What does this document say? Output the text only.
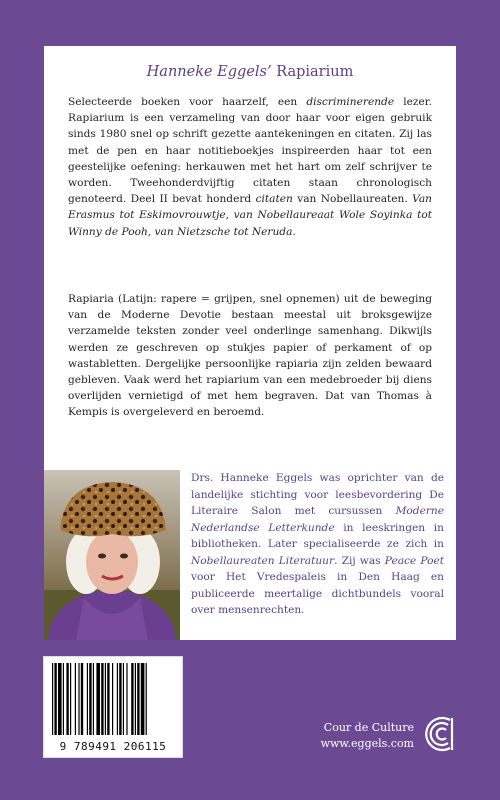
Hanneke Eggels’ Rapiarium

Selecteerde boeken voor haarzelf, een discriminerende lezer. Rapiarium is een verzameling van door haar voor eigen gebruik sinds 1980 snel op schrift gezette aantekeningen en citaten. Zij las met de pen en haar notitieboekjes inspireerden haar tot een geestelijke oefening: herkauwen met het hart om zelf schrijver te worden. Tweehonderdvijftig citaten staan chronologisch genoteerd. Deel II bevat honderd citaten van Nobellaureaten. Van Erasmus tot Eskimovrouwtje, van Nobellaureaat Wole Soyinka tot Winny de Pooh, van Nietzsche tot Neruda.

Rapiaria (Latijn: rapere = grijpen, snel opnemen) uit de beweging van de Moderne Devotie bestaan meestal uit broksgewijze verzamelde teksten zonder veel onderlinge samenhang. Dikwijls werden ze geschreven op stukjes papier of perkament of op wastabletten. Dergelijke persoonlijke rapiaria zijn zelden bewaard gebleven. Vaak werd het rapiarium van een medebroeder bij diens overlijden vernietigd of met hem begraven. Dat van Thomas à Kempis is overgeleverd en beroemd.

Drs. Hanneke Eggels was oprichter van de landelijke stichting voor leesbevordering De Literaire Salon met cursussen Moderne Nederlandse Letterkunde in leeskringen in bibliotheken. Later specialiseerde ze zich in Nobellaureaten Literatuur. Zij was Peace Poet voor Het Vredespaleis in Den Haag en publiceerde meertalige dichtbundels vooral over mensenrechten.

9 789491 206115
Cour de Culture
www.eggels.com
